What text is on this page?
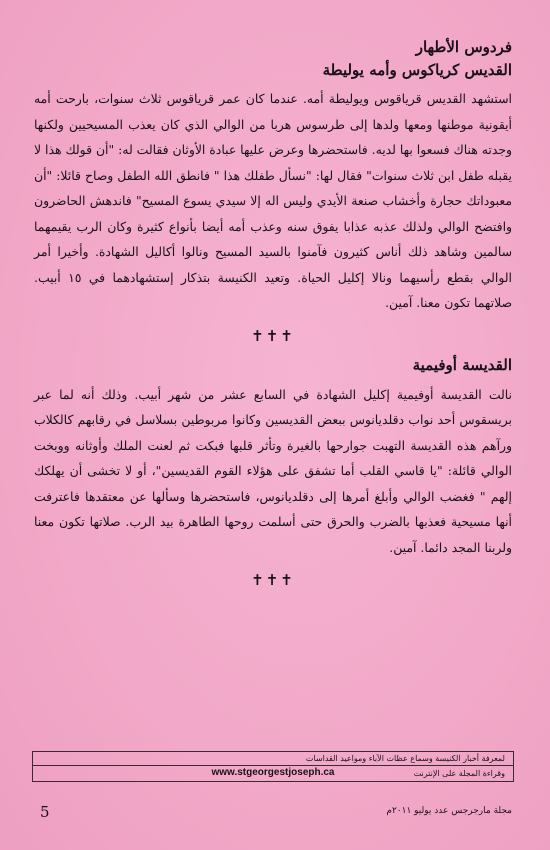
فردوس الأطهار
القديس كرياكوس وأمه يوليطة

استشهد القديس قرياقوس ويوليطة أمه. عندما كان عمر قرياقوس ثلاث سنوات، بارحت أمه أيقونية موطنها ومعها ولدها إلى طرسوس هربا من الوالي الذي كان يعذب المسيحيين ولكنها وجدته هناك فسعوا بها لديه. فاستحضرها وعرض عليها عبادة الأوثان فقالت له: "أن قولك هذا لا يقبله طفل ابن ثلاث سنوات" فقال لها: "نسأل طفلك هذا " فانطق الله الطفل وصاح قائلا: "أن معبوداتك حجارة وأخشاب صنعة الأيدي وليس اله إلا سيدي يسوع المسيح" فاندهش الحاضرون وافتضح الوالي ولذلك عذبه عذابا يفوق سنه وعذب أمه أيضا بأنواع كثيرة وكان الرب يقيمهما سالمين وشاهد ذلك أناس كثيرون فآمنوا بالسيد المسيح ونالوا أكاليل الشهادة. وأخيرا أمر الوالي بقطع رأسيهما ونالا إكليل الحياة. وتعيد الكنيسة بتذكار إستشهادهما في ١٥ أبيب. صلاتهما تكون معنا. آمين.

✝✝✝
القديسة أوفيمية

نالت القديسة أوفيمية إكليل الشهادة في السابع عشر من شهر أبيب. وذلك أنه لما عبر بريسقوس أحد نواب دقلديانوس ببعض القديسين وكانوا مربوطين بسلاسل في رقابهم كالكلاب ورآهم هذه القديسة التهبت جوارحها بالغيرة وتأثر قلبها فبكت ثم لعنت الملك وأوثانه ووبخت الوالي قائلة: "يا قاسي القلب أما تشفق على هؤلاء القوم القديسين"، أو لا تخشى أن يهلكك إلهم " فغضب الوالي وأبلغ أمرها إلى دقلديانوس، فاستحضرها وسألها عن معتقدها فاعترفت أنها مسيحية فعذبها بالضرب والحرق حتى أسلمت روحها الطاهرة بيد الرب. صلاتها تكون معنا ولربنا المجد دائما. آمين.

✝✝✝
لمعرفة أخبار الكنيسة وسماع عظات الآباء ومواعيد القداسات
وقراءة المجلة على الإنترنت
www.stgeorgestjoseph.ca
5	مجلة مارجرجس عدد يوليو ٢٠١١م
